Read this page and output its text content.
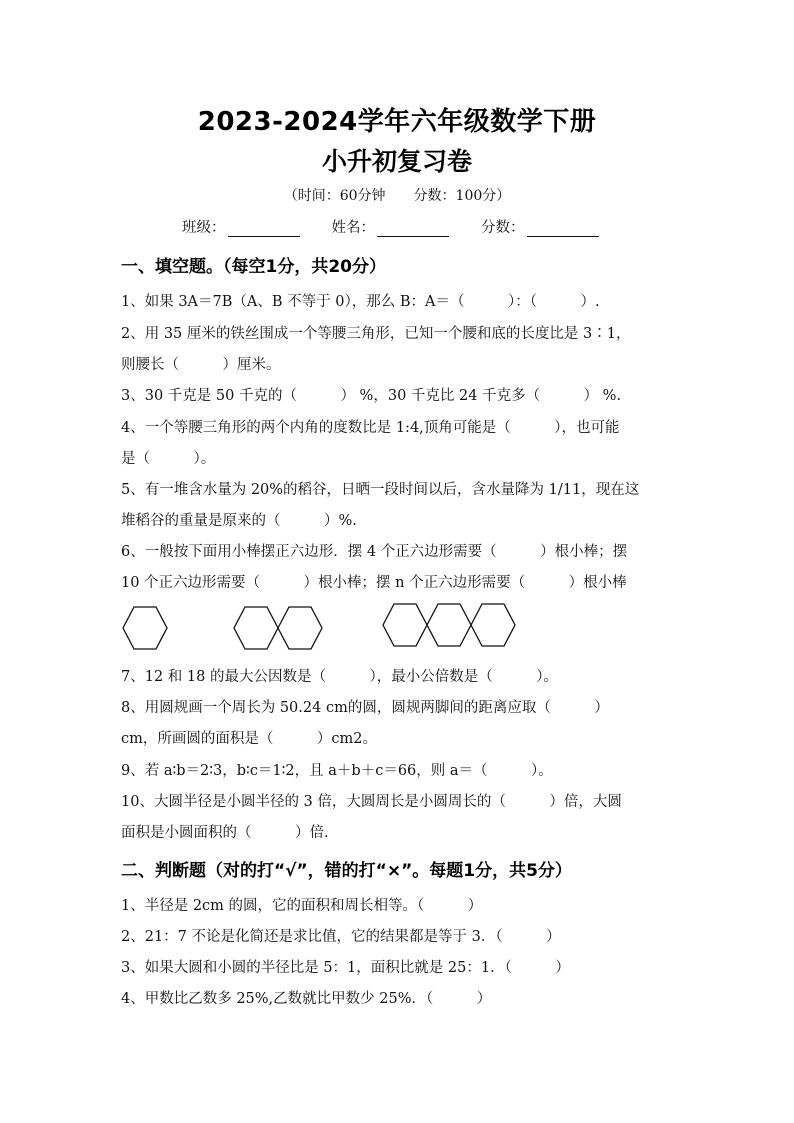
2023-2024学年六年级数学下册
小升初复习卷
（时间：60分钟　　分数：100分）
班级：	姓名：	分数：
一、填空题。（每空1分，共20分）
1、如果 3A＝7B（A、B 不等于 0），那么 B：A＝（　　　）：（　　　）.
2、用 35 厘米的铁丝围成一个等腰三角形，已知一个腰和底的长度比是 3∶1，
则腰长（　　　）厘米。
3、30 千克是 50 千克的（　　　） %，30 千克比 24 千克多（　　　） %.
4、一个等腰三角形的两个内角的度数比是 1:4,顶角可能是（　　　），也可能
是（　　　）。
5、有一堆含水量为 20%的稻谷，日晒一段时间以后，含水量降为 1/11，现在这
堆稻谷的重量是原来的（　　　）%.
6、一般按下面用小棒摆正六边形．摆 4 个正六边形需要（　　　）根小棒；摆
10 个正六边形需要（　　　）根小棒；摆 n 个正六边形需要（　　　）根小棒
7、12 和 18 的最大公因数是（　　　），最小公倍数是（　　　）。
8、用圆规画一个周长为 50.24 cm的圆，圆规两脚间的距离应取（　　　）
cm，所画圆的面积是（　　　）cm2。
9、若 a∶b＝2∶3，b∶c＝1∶2，且 a＋b＋c＝66，则 a＝（　　　）。
10、大圆半径是小圆半径的 3 倍，大圆周长是小圆周长的（　　　）倍，大圆
面积是小圆面积的（　　　）倍.
二、判断题（对的打“√”，错的打“×”。每题1分，共5分）
1、半径是 2cm 的圆，它的面积和周长相等。（　　　）
2、21：7 不论是化简还是求比值，它的结果都是等于 3．（　　　）
3、如果大圆和小圆的半径比是 5：1，面积比就是 25：1．（　　　）
4、甲数比乙数多 25%,乙数就比甲数少 25%．（　　　）
